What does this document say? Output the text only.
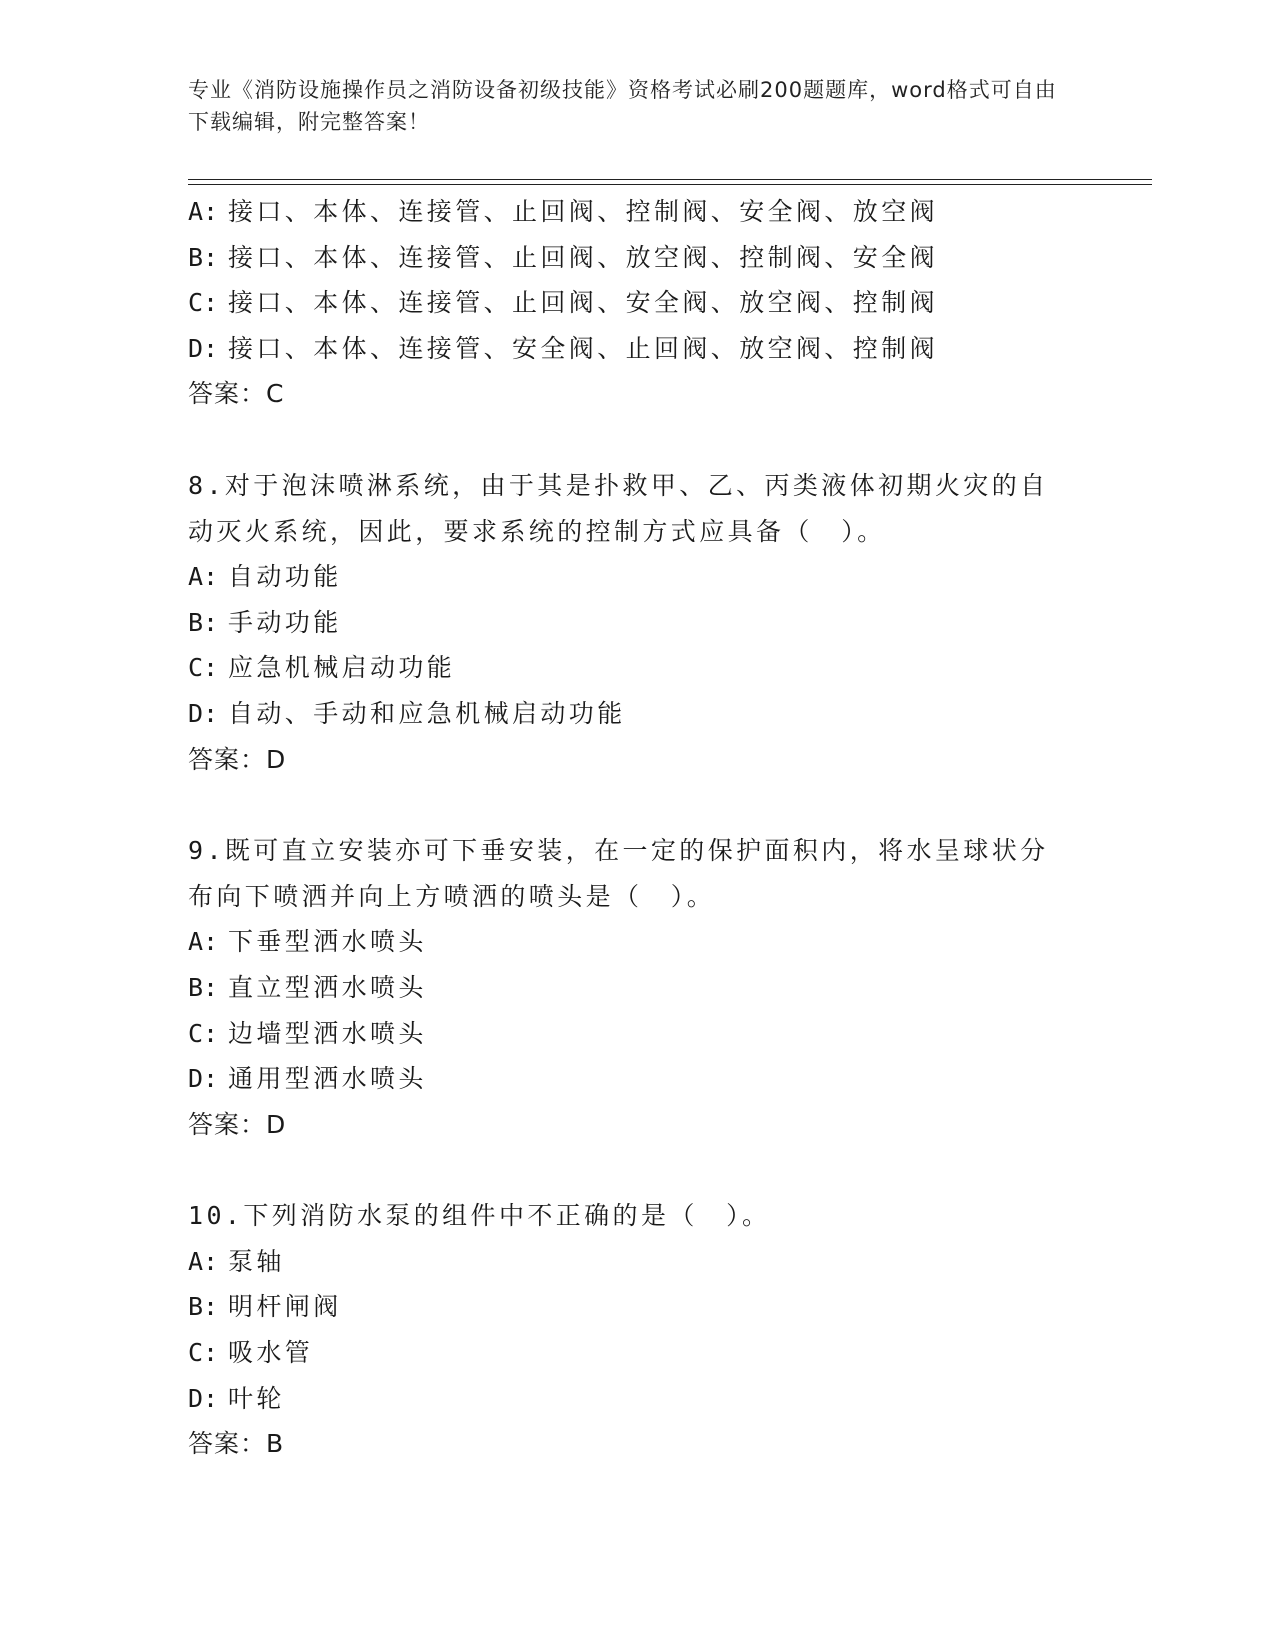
专业《消防设施操作员之消防设备初级技能》资格考试必刷200题题库，word格式可自由下载编辑，附完整答案！
A: 接口、本体、连接管、止回阀、控制阀、安全阀、放空阀
B: 接口、本体、连接管、止回阀、放空阀、控制阀、安全阀
C: 接口、本体、连接管、止回阀、安全阀、放空阀、控制阀
D: 接口、本体、连接管、安全阀、止回阀、放空阀、控制阀
答案：C
8.对于泡沫喷淋系统，由于其是扑救甲、乙、丙类液体初期火灾的自
动灭火系统，因此，要求系统的控制方式应具备（　）。
A: 自动功能
B: 手动功能
C: 应急机械启动功能
D: 自动、手动和应急机械启动功能
答案：D
9.既可直立安装亦可下垂安装，在一定的保护面积内，将水呈球状分
布向下喷洒并向上方喷洒的喷头是（　）。
A: 下垂型洒水喷头
B: 直立型洒水喷头
C: 边墙型洒水喷头
D: 通用型洒水喷头
答案：D
10.下列消防水泵的组件中不正确的是（　）。
A: 泵轴
B: 明杆闸阀
C: 吸水管
D: 叶轮
答案：B
